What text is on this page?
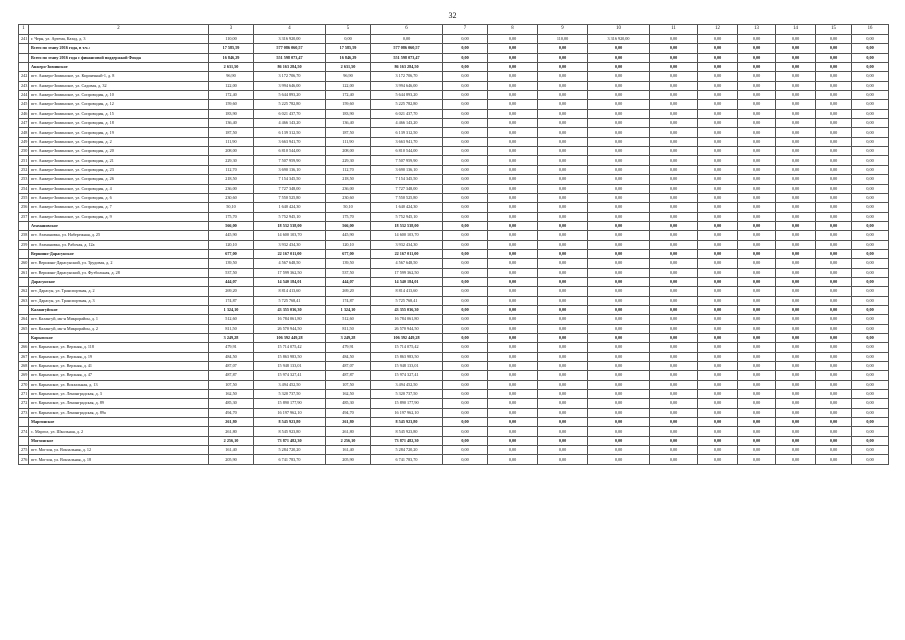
32
1	2	3	4	5	6	7	8	9	10	11	12	13	14	15	16
241	г. Черн, ул. Артема, Казад, д. 3	110,00	3 316 920,00	0,00	0,00	0,00	0,00	110,00	3 316 920,00	0,00	0,00	0,00	0,00	0,00	0,00
	Всего по этапу 2016 года, в т.ч.:	17 585,59	577 086 060,57	17 585,59	577 086 060,57	0,00	0,00	0,00	0,00	0,00	0,00	0,00	0,00	0,00	0,00
	Всего по этапу 2016 года с финансовой поддержкой Фонда	16 846,29	551 598 073,47	16 846,29	551 598 073,47	0,00	0,00	0,00	0,00	0,00	0,00	0,00	0,00	0,00	0,00
	Анжеро-Зиминское	2 631,50	86 163 284,50	2 631,50	86 163 284,50	0,00	0,00	0,00	0,00	0,00	0,00	0,00	0,00	0,00	0,00
242	пгт. Анжеро-Зиминское, ул. Кирпичный-1, д. 8	96,90	3 172 706,70	96,90	3 172 706,70	0,00	0,00	0,00	0,00	0,00	0,00	0,00	0,00	0,00	0,00
243	пгт. Анжеро-Зиминское, ул. Садовая, д. 32	122,00	3 994 646,00	122,00	3 994 646,00	0,00	0,00	0,00	0,00	0,00	0,00	0,00	0,00	0,00	0,00
244	пгт. Анжеро-Зиминское, ул. Сопроводин, д. 10	172,40	5 644 893,20	172,40	5 644 893,20	0,00	0,00	0,00	0,00	0,00	0,00	0,00	0,00	0,00	0,00
245	пгт. Анжеро-Зиминское, ул. Сопроводин, д. 12	159,60	5 225 782,80	159,60	5 225 782,80	0,00	0,00	0,00	0,00	0,00	0,00	0,00	0,00	0,00	0,00
246	пгт. Анжеро-Зиминское, ул. Сопроводин, д. 15	183,90	6 021 437,70	183,90	6 021 437,70	0,00	0,00	0,00	0,00	0,00	0,00	0,00	0,00	0,00	0,00
247	пгт. Анжеро-Зиминское, ул. Сопроводин, д. 18	136,40	4 466 143,20	136,40	4 466 143,20	0,00	0,00	0,00	0,00	0,00	0,00	0,00	0,00	0,00	0,00
248	пгт. Анжеро-Зиминское, ул. Сопроводин, д. 19	187,50	6 139 312,50	187,50	6 139 312,50	0,00	0,00	0,00	0,00	0,00	0,00	0,00	0,00	0,00	0,00
249	пгт. Анжеро-Зиминское, ул. Сопроводин, д. 2	111,90	3 663 941,70	111,90	3 663 941,70	0,00	0,00	0,00	0,00	0,00	0,00	0,00	0,00	0,00	0,00
250	пгт. Анжеро-Зиминское, ул. Сопроводин, д. 20	208,00	6 810 544,00	208,00	6 810 544,00	0,00	0,00	0,00	0,00	0,00	0,00	0,00	0,00	0,00	0,00
251	пгт. Анжеро-Зиминское, ул. Сопроводин, д. 21	229,30	7 507 959,90	229,30	7 507 959,90	0,00	0,00	0,00	0,00	0,00	0,00	0,00	0,00	0,00	0,00
252	пгт. Анжеро-Зиминское, ул. Сопроводин, д. 23	112,70	3 690 136,10	112,70	3 690 136,10	0,00	0,00	0,00	0,00	0,00	0,00	0,00	0,00	0,00	0,00
253	пгт. Анжеро-Зиминское, ул. Сопроводин, д. 26	218,50	7 154 345,50	218,50	7 154 345,50	0,00	0,00	0,00	0,00	0,00	0,00	0,00	0,00	0,00	0,00
254	пгт. Анжеро-Зиминское, ул. Сопроводин, д. 4	236,00	7 727 348,00	236,00	7 727 348,00	0,00	0,00	0,00	0,00	0,00	0,00	0,00	0,00	0,00	0,00
255	пгт. Анжеро-Зиминское, ул. Сопроводин, д. 6	230,60	7 550 525,80	230,60	7 550 525,80	0,00	0,00	0,00	0,00	0,00	0,00	0,00	0,00	0,00	0,00
256	пгт. Анжеро-Зиминское, ул. Сопроводин, д. 7	50,10	1 640 424,30	50,10	1 640 424,30	0,00	0,00	0,00	0,00	0,00	0,00	0,00	0,00	0,00	0,00
257	пгт. Анжеро-Зиминское, ул. Сопроводин, д. 9	175,70	5 752 945,10	175,70	5 752 945,10	0,00	0,00	0,00	0,00	0,00	0,00	0,00	0,00	0,00	0,00
	Атамановское	566,00	18 532 538,00	566,00	18 532 538,00	0,00	0,00	0,00	0,00	0,00	0,00	0,00	0,00	0,00	0,00
258	пгт. Атамановка, ул. Набережная, д. 25	445,90	14 600 103,70	445,90	14 600 103,70	0,00	0,00	0,00	0,00	0,00	0,00	0,00	0,00	0,00	0,00
259	пгт. Атамановка, ул. Рабочая, д. 12а	120,10	3 932 434,30	120,10	3 932 434,30	0,00	0,00	0,00	0,00	0,00	0,00	0,00	0,00	0,00	0,00
	Вершино-Дарасунское	677,00	22 167 011,00	677,00	22 167 011,00	0,00	0,00	0,00	0,00	0,00	0,00	0,00	0,00	0,00	0,00
260	пгт. Вершино-Дарасунский, ул. Трудовая, д. 2	139,50	4 567 648,50	139,50	4 567 648,50	0,00	0,00	0,00	0,00	0,00	0,00	0,00	0,00	0,00	0,00
261	пгт. Вершино-Дарасунский, ул. Футбольная, д. 28	537,50	17 599 362,50	537,50	17 599 362,50	0,00	0,00	0,00	0,00	0,00	0,00	0,00	0,00	0,00	0,00
	Дарасунское	444,07	14 540 184,01	444,07	14 540 184,01	0,00	0,00	0,00	0,00	0,00	0,00	0,00	0,00	0,00	0,00
262	пгт. Дарасун, ул. Транспортная, д. 2	269,20	8 814 413,60	269,20	8 814 413,60	0,00	0,00	0,00	0,00	0,00	0,00	0,00	0,00	0,00	0,00
263	пгт. Дарасун, ул. Транспортная, д. 3	174,87	5 725 768,41	174,87	5 725 768,41	0,00	0,00	0,00	0,00	0,00	0,00	0,00	0,00	0,00	0,00
	Калангуйское	1 324,10	43 355 036,30	1 324,10	43 355 036,30	0,00	0,00	0,00	0,00	0,00	0,00	0,00	0,00	0,00	0,00
264	пгт. Калангуй, мк-н Микрорайон, д. 1	512,60	16 784 061,80	512,60	16 784 061,80	0,00	0,00	0,00	0,00	0,00	0,00	0,00	0,00	0,00	0,00
265	пгт. Калангуй, мк-н Микрорайон, д. 2	811,50	26 570 944,50	811,50	26 570 944,50	0,00	0,00	0,00	0,00	0,00	0,00	0,00	0,00	0,00	0,00
	Карымское	3 249,28	106 392 449,28	3 249,28	106 392 449,28	0,00	0,00	0,00	0,00	0,00	0,00	0,00	0,00	0,00	0,00
266	пгт. Карымское, ул. Верхняя, д. 118	479,91	15 714 075,42	479,91	15 714 075,42	0,00	0,00	0,00	0,00	0,00	0,00	0,00	0,00	0,00	0,00
267	пгт. Карымское, ул. Верхняя, д. 19	484,50	15 863 983,50	484,50	15 863 983,50	0,00	0,00	0,00	0,00	0,00	0,00	0,00	0,00	0,00	0,00
268	пгт. Карымское, ул. Верхняя, д. 41	487,07	15 948 133,01	487,07	15 948 133,01	0,00	0,00	0,00	0,00	0,00	0,00	0,00	0,00	0,00	0,00
269	пгт. Карымское, ул. Верхняя, д. 47	487,87	15 974 327,41	487,87	15 974 327,41	0,00	0,00	0,00	0,00	0,00	0,00	0,00	0,00	0,00	0,00
270	пгт. Карымское, ул. Вокзальная, д. 13	107,50	3 494 452,50	107,50	3 494 452,50	0,00	0,00	0,00	0,00	0,00	0,00	0,00	0,00	0,00	0,00
271	пгт. Карымское, ул. Ленинградская, д. 3	162,50	5 320 737,50	162,50	5 320 737,50	0,00	0,00	0,00	0,00	0,00	0,00	0,00	0,00	0,00	0,00
272	пгт. Карымское, ул. Ленинградская, д. 89	485,30	15 890 177,90	485,30	15 890 177,90	0,00	0,00	0,00	0,00	0,00	0,00	0,00	0,00	0,00	0,00
273	пгт. Карымское, ул. Ленинградская, д. 89а	494,70	16 197 962,10	494,70	16 197 962,10	0,00	0,00	0,00	0,00	0,00	0,00	0,00	0,00	0,00	0,00
	Маргинское	261,80	8 545 923,80	261,80	8 545 923,80	0,00	0,00	0,00	0,00	0,00	0,00	0,00	0,00	0,00	0,00
274	с. Маргол, ул. Школьная, д. 2	261,80	8 545 923,80	261,80	8 545 923,80	0,00	0,00	0,00	0,00	0,00	0,00	0,00	0,00	0,00	0,00
	Могзонское	2 256,10	73 871 482,30	2 256,10	73 871 482,30	0,00	0,00	0,00	0,00	0,00	0,00	0,00	0,00	0,00	0,00
275	пгт. Могзон, ул. Вокзальная, д. 12	161,40	5 284 720,20	161,40	5 284 720,20	0,00	0,00	0,00	0,00	0,00	0,00	0,00	0,00	0,00	0,00
276	пгт. Могзон, ул. Вокзальная, д. 18	205,90	6 741 783,70	205,90	6 741 783,70	0,00	0,00	0,00	0,00	0,00	0,00	0,00	0,00	0,00	0,00
